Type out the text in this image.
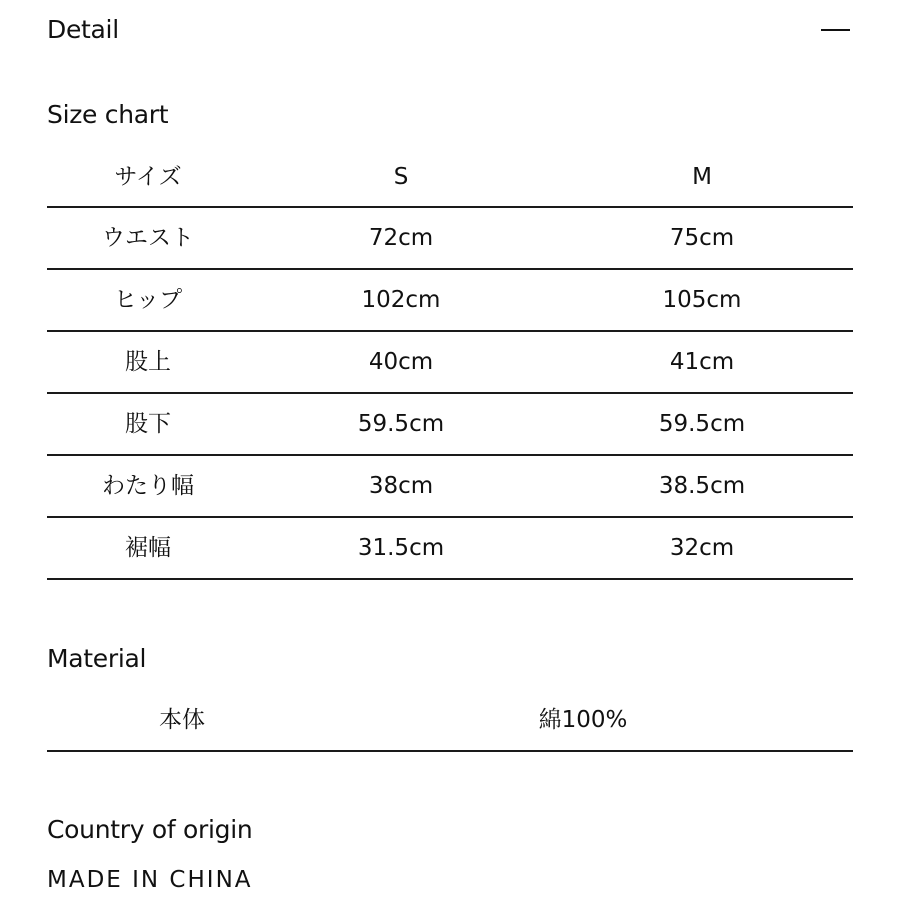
Detail
Size chart
サイズ	S	M
ウエスト	72cm	75cm
ヒップ	102cm	105cm
股上	40cm	41cm
股下	59.5cm	59.5cm
わたり幅	38cm	38.5cm
裾幅	31.5cm	32cm
Material
本体	綿100%
Country of origin
MADE IN CHINA
